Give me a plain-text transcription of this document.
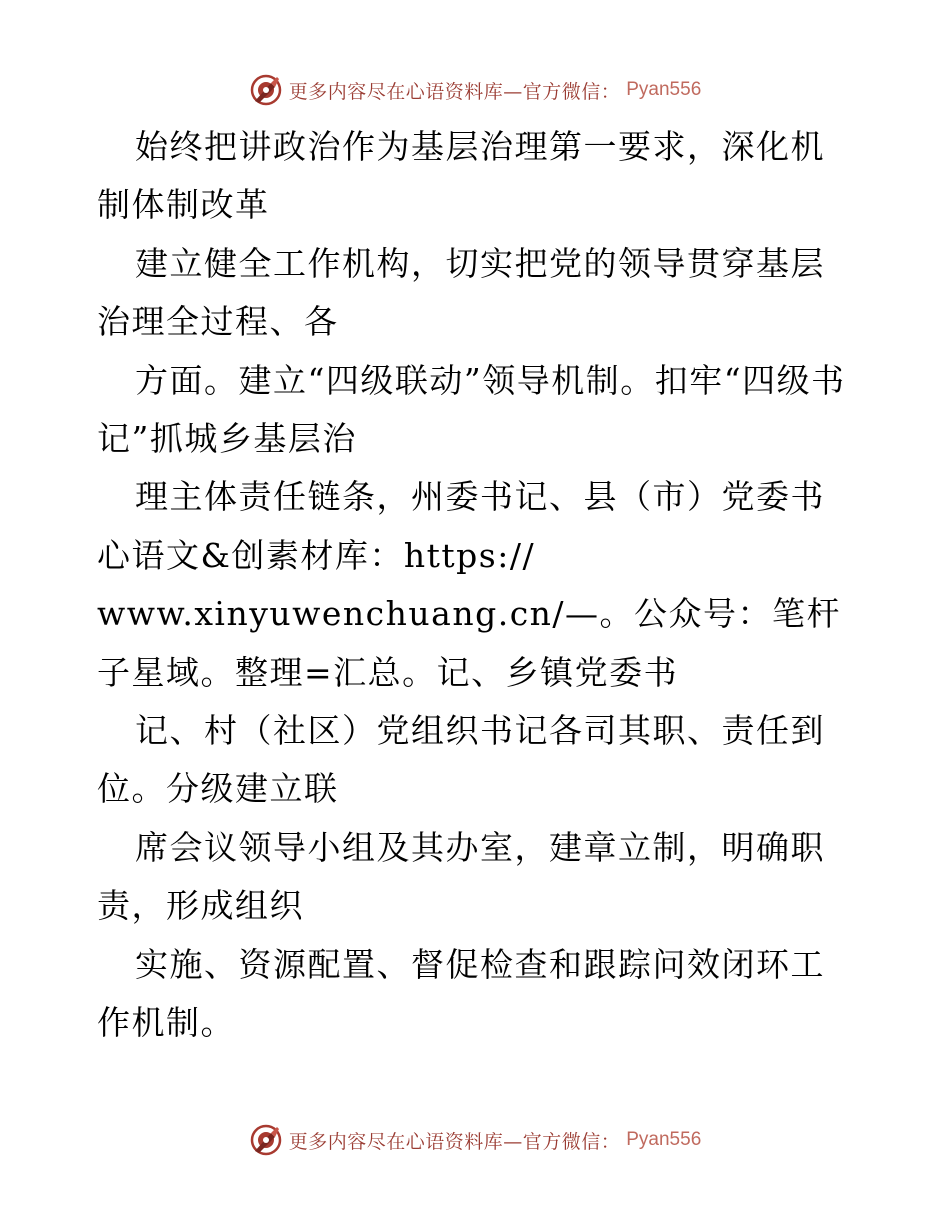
更多内容尽在心语资料库—官方微信： Pyan556

始终把讲政治作为基层治理第一要求，深化机制体制改革

建立健全工作机构，切实把党的领导贯穿基层治理全过程、各

方面。建立“四级联动”领导机制。扣牢“四级书记”抓城乡基层治

理主体责任链条，州委书记、县（市）党委书心语文&创素材库：https://

www.xinyuwenchuang.cn/—。公众号：笔杆子星域。整理=汇总。记、乡镇党委书

记、村（社区）党组织书记各司其职、责任到位。分级建立联

席会议领导小组及其办室，建章立制，明确职责，形成组织

实施、资源配置、督促检查和跟踪问效闭环工作机制。

更多内容尽在心语资料库—官方微信： Pyan556
